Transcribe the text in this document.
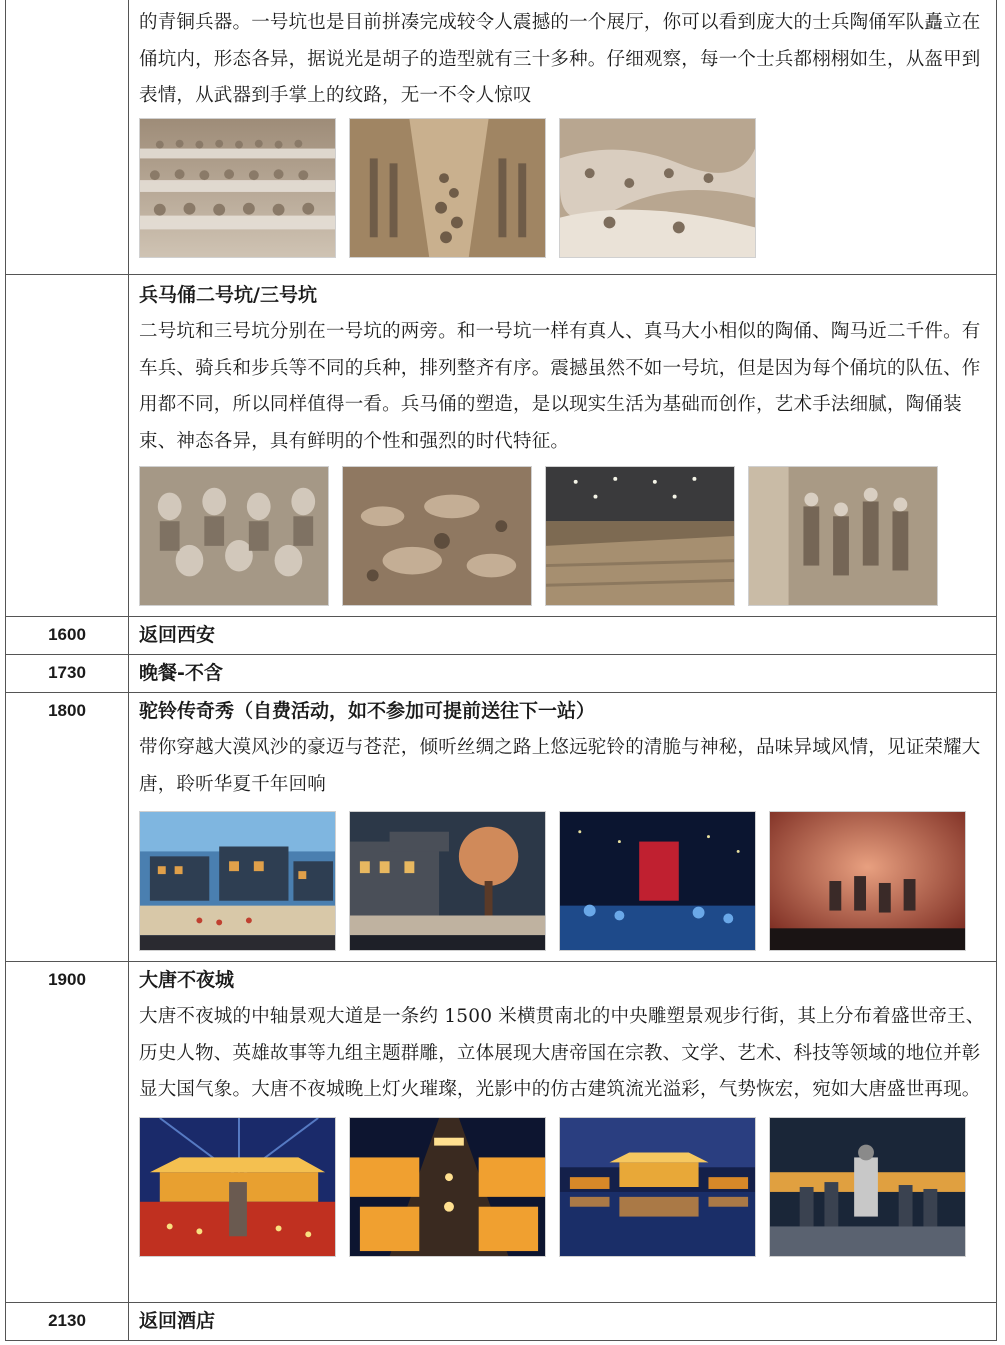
	的青铜兵器。一号坑也是目前拼凑完成较令人震撼的一个展厅，你可以看到庞大的士兵陶俑军队矗立在俑坑内，形态各异，据说光是胡子的造型就有三十多种。仔细观察，每一个士兵都栩栩如生，从盔甲到表情，从武器到手掌上的纹路，无一不令人惊叹

	兵马俑二号坑/三号坑
二号坑和三号坑分别在一号坑的两旁。和一号坑一样有真人、真马大小相似的陶俑、陶马近二千件。有车兵、骑兵和步兵等不同的兵种，排列整齐有序。震撼虽然不如一号坑，但是因为每个俑坑的队伍、作用都不同，所以同样值得一看。兵马俑的塑造，是以现实生活为基础而创作，艺术手法细腻，陶俑装束、神态各异，具有鲜明的个性和强烈的时代特征。

1600	返回西安

1730	晚餐-不含

1800	驼铃传奇秀（自费活动，如不参加可提前送往下一站）
带你穿越大漠风沙的豪迈与苍茫，倾听丝绸之路上悠远驼铃的清脆与神秘，品味异域风情，见证荣耀大唐，聆听华夏千年回响

1900	大唐不夜城
大唐不夜城的中轴景观大道是一条约 1500 米横贯南北的中央雕塑景观步行街，其上分布着盛世帝王、历史人物、英雄故事等九组主题群雕，立体展现大唐帝国在宗教、文学、艺术、科技等领域的地位并彰显大国气象。大唐不夜城晚上灯火璀璨，光影中的仿古建筑流光溢彩，气势恢宏，宛如大唐盛世再现。

2130	返回酒店
